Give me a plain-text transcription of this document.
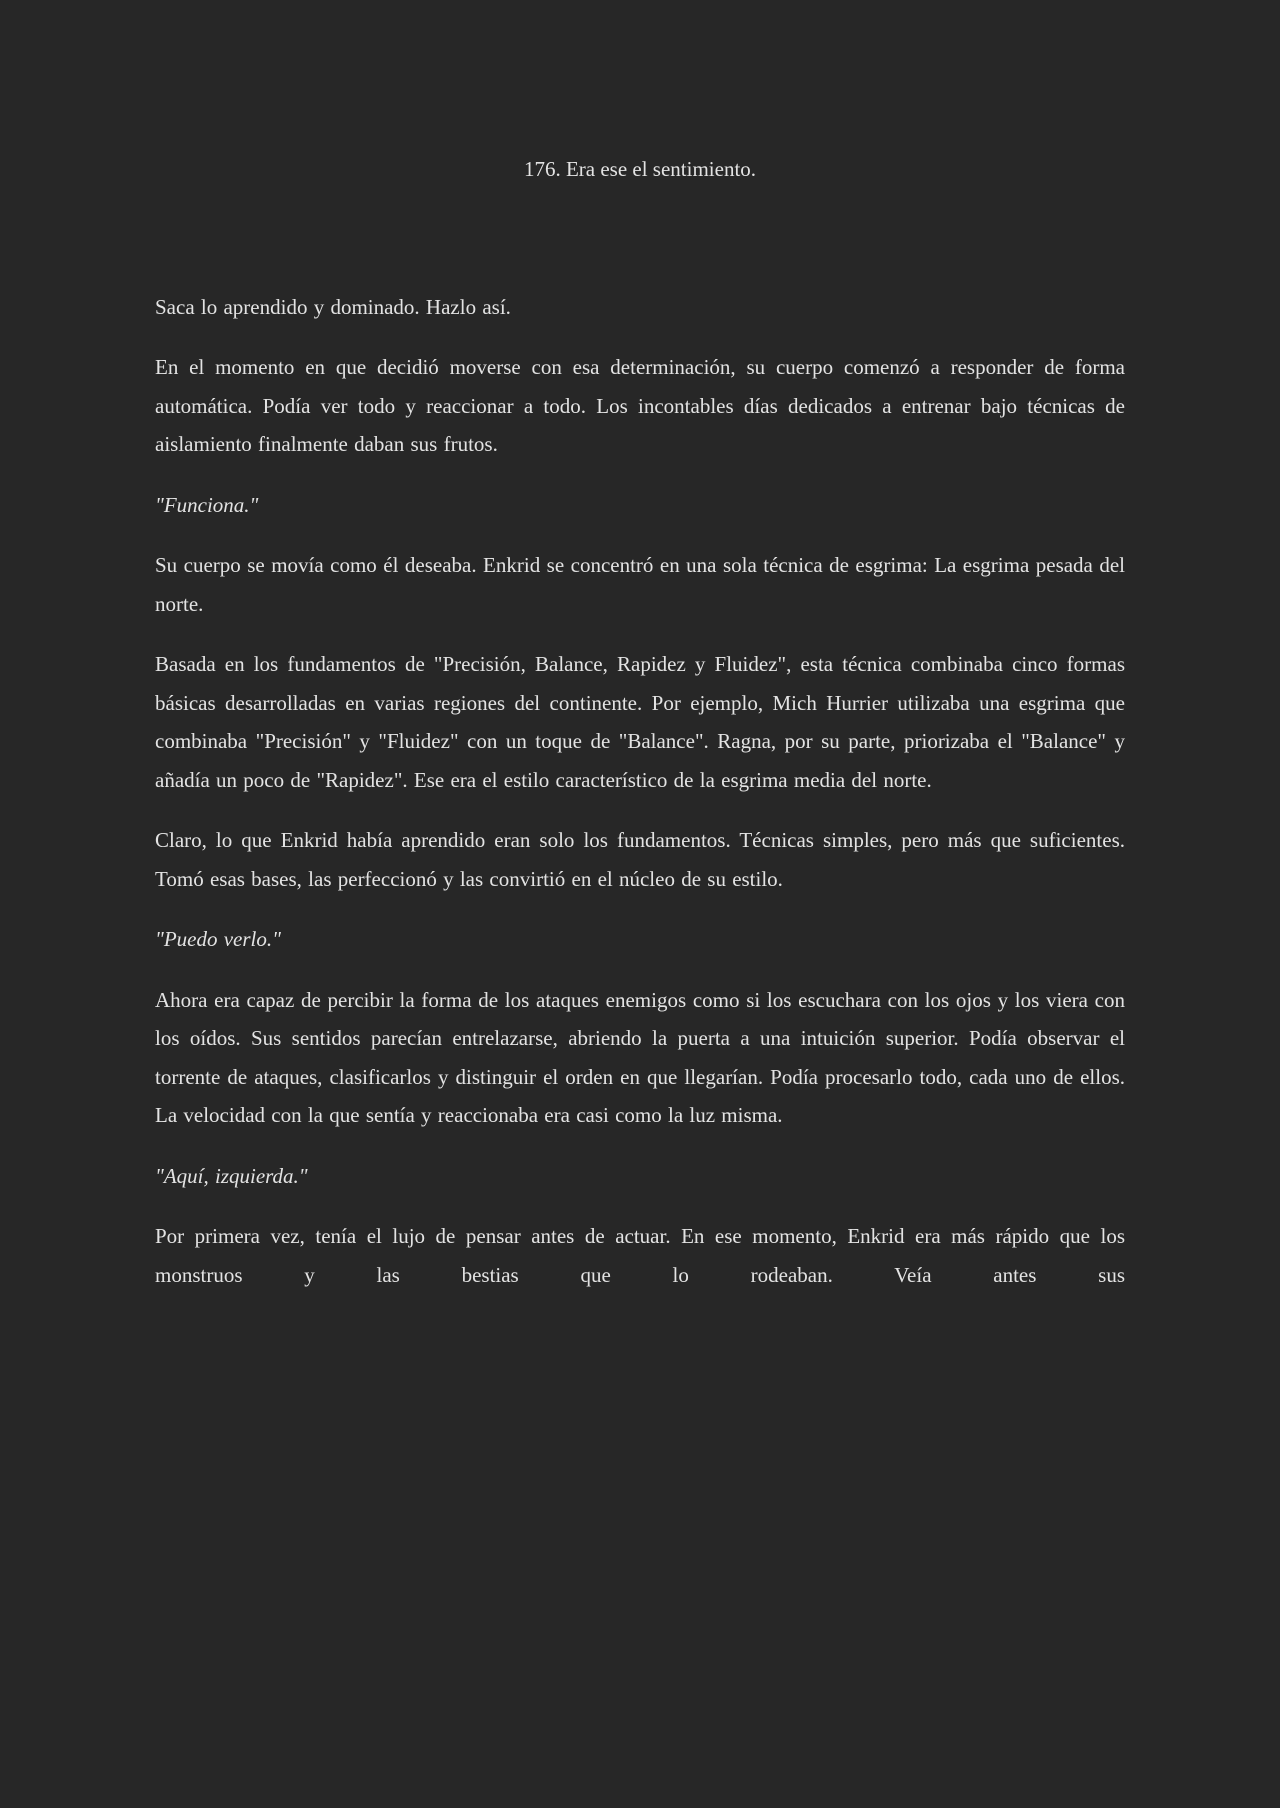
176. Era ese el sentimiento.

Saca lo aprendido y dominado. Hazlo así.

En el momento en que decidió moverse con esa determinación, su cuerpo comenzó a responder de forma automática. Podía ver todo y reaccionar a todo. Los incontables días dedicados a entrenar bajo técnicas de aislamiento finalmente daban sus frutos.

"Funciona."

Su cuerpo se movía como él deseaba. Enkrid se concentró en una sola técnica de esgrima: La esgrima pesada del norte.

Basada en los fundamentos de "Precisión, Balance, Rapidez y Fluidez", esta técnica combinaba cinco formas básicas desarrolladas en varias regiones del continente. Por ejemplo, Mich Hurrier utilizaba una esgrima que combinaba "Precisión" y "Fluidez" con un toque de "Balance". Ragna, por su parte, priorizaba el "Balance" y añadía un poco de "Rapidez". Ese era el estilo característico de la esgrima media del norte.

Claro, lo que Enkrid había aprendido eran solo los fundamentos. Técnicas simples, pero más que suficientes. Tomó esas bases, las perfeccionó y las convirtió en el núcleo de su estilo.

"Puedo verlo."

Ahora era capaz de percibir la forma de los ataques enemigos como si los escuchara con los ojos y los viera con los oídos. Sus sentidos parecían entrelazarse, abriendo la puerta a una intuición superior. Podía observar el torrente de ataques, clasificarlos y distinguir el orden en que llegarían. Podía procesarlo todo, cada uno de ellos. La velocidad con la que sentía y reaccionaba era casi como la luz misma.

"Aquí, izquierda."

Por primera vez, tenía el lujo de pensar antes de actuar. En ese momento, Enkrid era más rápido que los monstruos y las bestias que lo rodeaban. Veía antes sus
